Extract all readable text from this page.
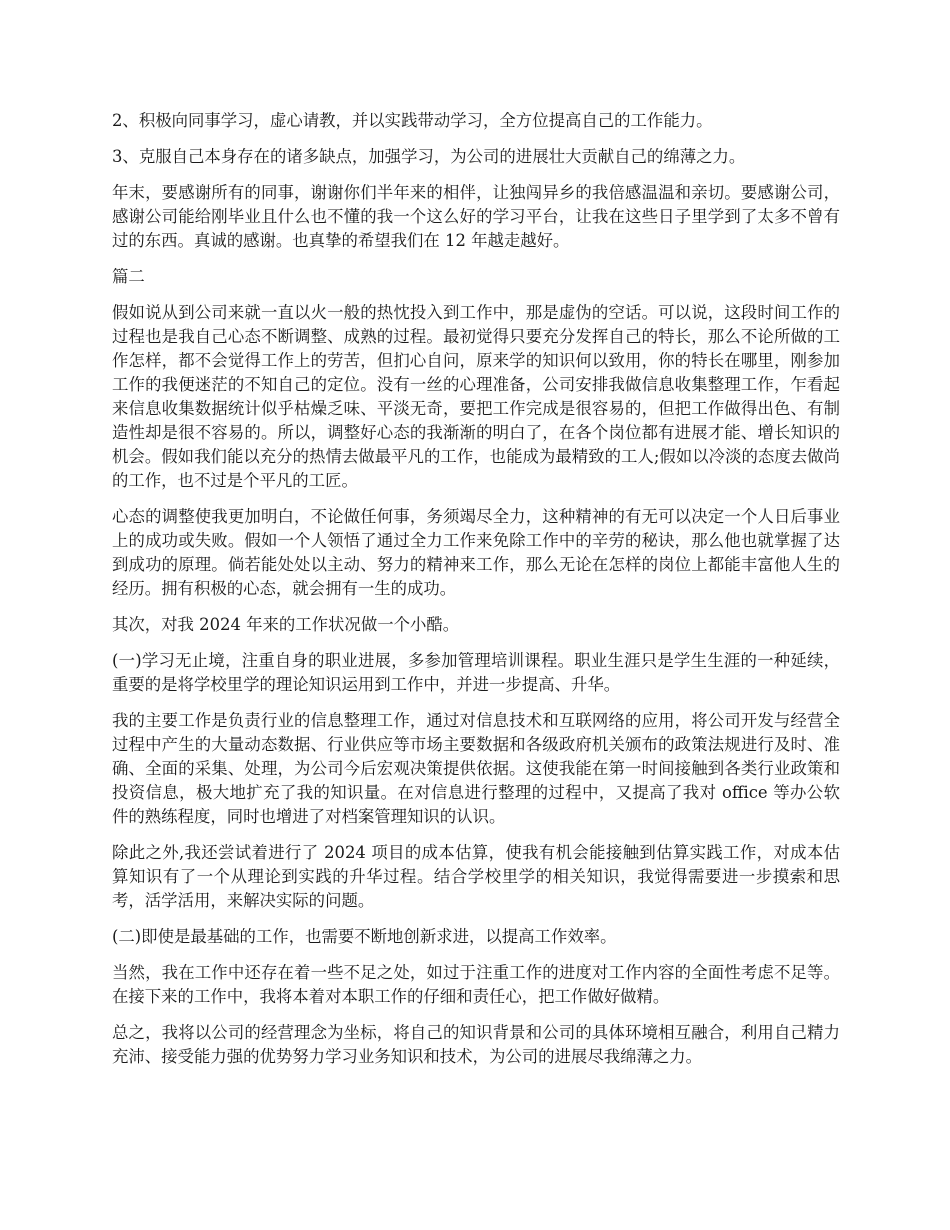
2、积极向同事学习，虚心请教，并以实践带动学习，全方位提高自己的工作能力。

3、克服自己本身存在的诸多缺点，加强学习，为公司的进展壮大贡献自己的绵薄之力。

年末，要感谢所有的同事，谢谢你们半年来的相伴，让独闯异乡的我倍感温温和亲切。要感谢公司，感谢公司能给刚毕业且什么也不懂的我一个这么好的学习平台，让我在这些日子里学到了太多不曾有过的东西。真诚的感谢。也真挚的希望我们在 12 年越走越好。

篇二

假如说从到公司来就一直以火一般的热忱投入到工作中，那是虚伪的空话。可以说，这段时间工作的过程也是我自己心态不断调整、成熟的过程。最初觉得只要充分发挥自己的特长，那么不论所做的工作怎样，都不会觉得工作上的劳苦，但扪心自问，原来学的知识何以致用，你的特长在哪里，刚参加工作的我便迷茫的不知自己的定位。没有一丝的心理准备，公司安排我做信息收集整理工作，乍看起来信息收集数据统计似乎枯燥乏味、平淡无奇，要把工作完成是很容易的，但把工作做得出色、有制造性却是很不容易的。所以，调整好心态的我渐渐的明白了，在各个岗位都有进展才能、增长知识的机会。假如我们能以充分的热情去做最平凡的工作，也能成为最精致的工人;假如以冷淡的态度去做尚的工作，也不过是个平凡的工匠。

心态的调整使我更加明白，不论做任何事，务须竭尽全力，这种精神的有无可以决定一个人日后事业上的成功或失败。假如一个人领悟了通过全力工作来免除工作中的辛劳的秘诀，那么他也就掌握了达到成功的原理。倘若能处处以主动、努力的精神来工作，那么无论在怎样的岗位上都能丰富他人生的经历。拥有积极的心态，就会拥有一生的成功。

其次，对我 2024 年来的工作状况做一个小酷。

(一)学习无止境，注重自身的职业进展，多参加管理培训课程。职业生涯只是学生生涯的一种延续，重要的是将学校里学的理论知识运用到工作中，并进一步提高、升华。

我的主要工作是负责行业的信息整理工作，通过对信息技术和互联网络的应用，将公司开发与经营全过程中产生的大量动态数据、行业供应等市场主要数据和各级政府机关颁布的政策法规进行及时、准确、全面的采集、处理，为公司今后宏观决策提供依据。这使我能在第一时间接触到各类行业政策和投资信息，极大地扩充了我的知识量。在对信息进行整理的过程中，又提高了我对 office 等办公软件的熟练程度，同时也增进了对档案管理知识的认识。

除此之外,我还尝试着进行了 2024 项目的成本估算，使我有机会能接触到估算实践工作，对成本估算知识有了一个从理论到实践的升华过程。结合学校里学的相关知识，我觉得需要进一步摸索和思考，活学活用，来解决实际的问题。

(二)即使是最基础的工作，也需要不断地创新求进，以提高工作效率。

当然，我在工作中还存在着一些不足之处，如过于注重工作的进度对工作内容的全面性考虑不足等。在接下来的工作中，我将本着对本职工作的仔细和责任心，把工作做好做精。

总之，我将以公司的经营理念为坐标，将自己的知识背景和公司的具体环境相互融合，利用自己精力充沛、接受能力强的优势努力学习业务知识和技术，为公司的进展尽我绵薄之力。
